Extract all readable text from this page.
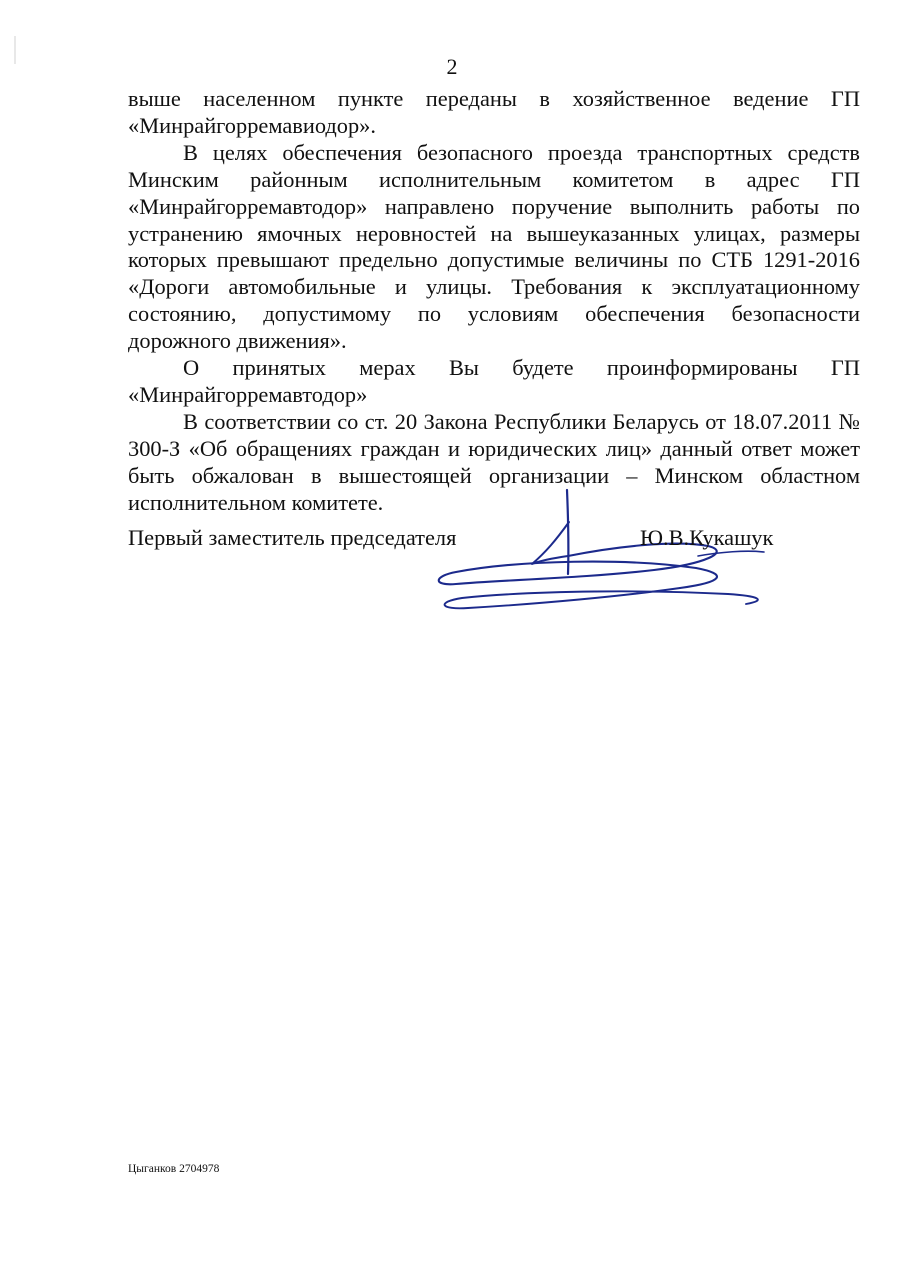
2

выше населенном пункте переданы в хозяйственное ведение ГП «Минрайгорремавиодор».

В целях обеспечения безопасного проезда транспортных средств Минским районным исполнительным комитетом в адрес ГП «Минрайгорремавтодор» направлено поручение выполнить работы по устранению ямочных неровностей на вышеуказанных улицах, размеры которых превышают предельно допустимые величины по СТБ 1291-2016 «Дороги автомобильные и улицы. Требования к эксплуатационному состоянию, допустимому по условиям обеспечения безопасности дорожного движения».

О принятых мерах Вы будете проинформированы ГП «Минрайгорремавтодор»

В соответствии со ст. 20 Закона Республики Беларусь от 18.07.2011 № 300-З «Об обращениях граждан и юридических лиц» данный ответ может быть обжалован в вышестоящей организации – Минском областном исполнительном комитете.

Первый заместитель председателя	Ю.В.Кукашук
Цыганков 2704978
